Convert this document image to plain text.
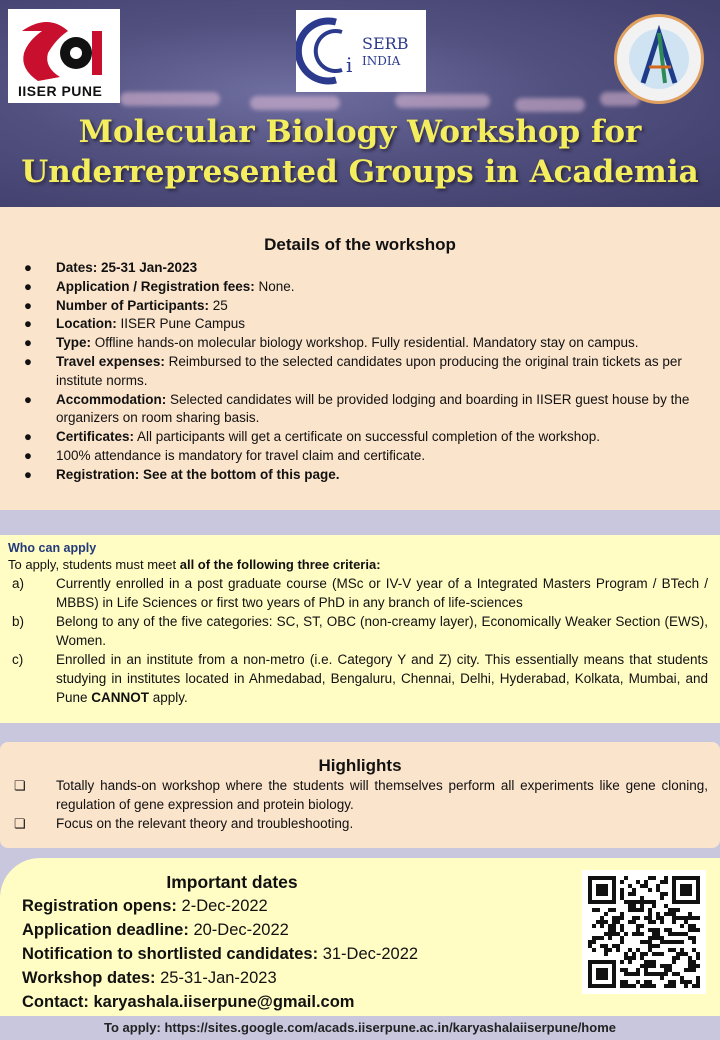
IISER PUNE
i
SERB
INDIA
Molecular Biology Workshop for
Underrepresented Groups in Academia
Details of the workshop
●	Dates: 25-31 Jan-2023
●	Application / Registration fees: None.
●	Number of Participants: 25
●	Location: IISER Pune Campus
●	Type: Offline hands-on molecular biology workshop. Fully residential. Mandatory stay on campus.
●	Travel expenses: Reimbursed to the selected candidates upon producing the original train tickets as per institute norms.
●	Accommodation: Selected candidates will be provided lodging and boarding in IISER guest house by the organizers on room sharing basis.
●	Certificates: All participants will get a certificate on successful completion of the workshop.
●	100% attendance is mandatory for travel claim and certificate.
●	Registration: See at the bottom of this page.
Who can apply
To apply, students must meet all of the following three criteria:
a)	Currently enrolled in a post graduate course (MSc or IV-V year of a Integrated Masters Program / BTech / MBBS) in Life Sciences or first two years of PhD in any branch of life-sciences
b)	Belong to any of the five categories: SC, ST, OBC (non-creamy layer), Economically Weaker Section (EWS), Women.
c)	Enrolled in an institute from a non-metro (i.e. Category Y and Z) city. This essentially means that students studying in institutes located in Ahmedabad, Bengaluru, Chennai, Delhi, Hyderabad, Kolkata, Mumbai, and Pune CANNOT apply.
Highlights
❏	Totally hands-on workshop where the students will themselves perform all experiments like gene cloning, regulation of gene expression and protein biology.
❏	Focus on the relevant theory and troubleshooting.
Important dates
Registration opens: 2-Dec-2022
Application deadline: 20-Dec-2022
Notification to shortlisted candidates: 31-Dec-2022
Workshop dates: 25-31-Jan-2023
Contact: karyashala.iiserpune@gmail.com
To apply: https://sites.google.com/acads.iiserpune.ac.in/karyashalaiiserpune/home
